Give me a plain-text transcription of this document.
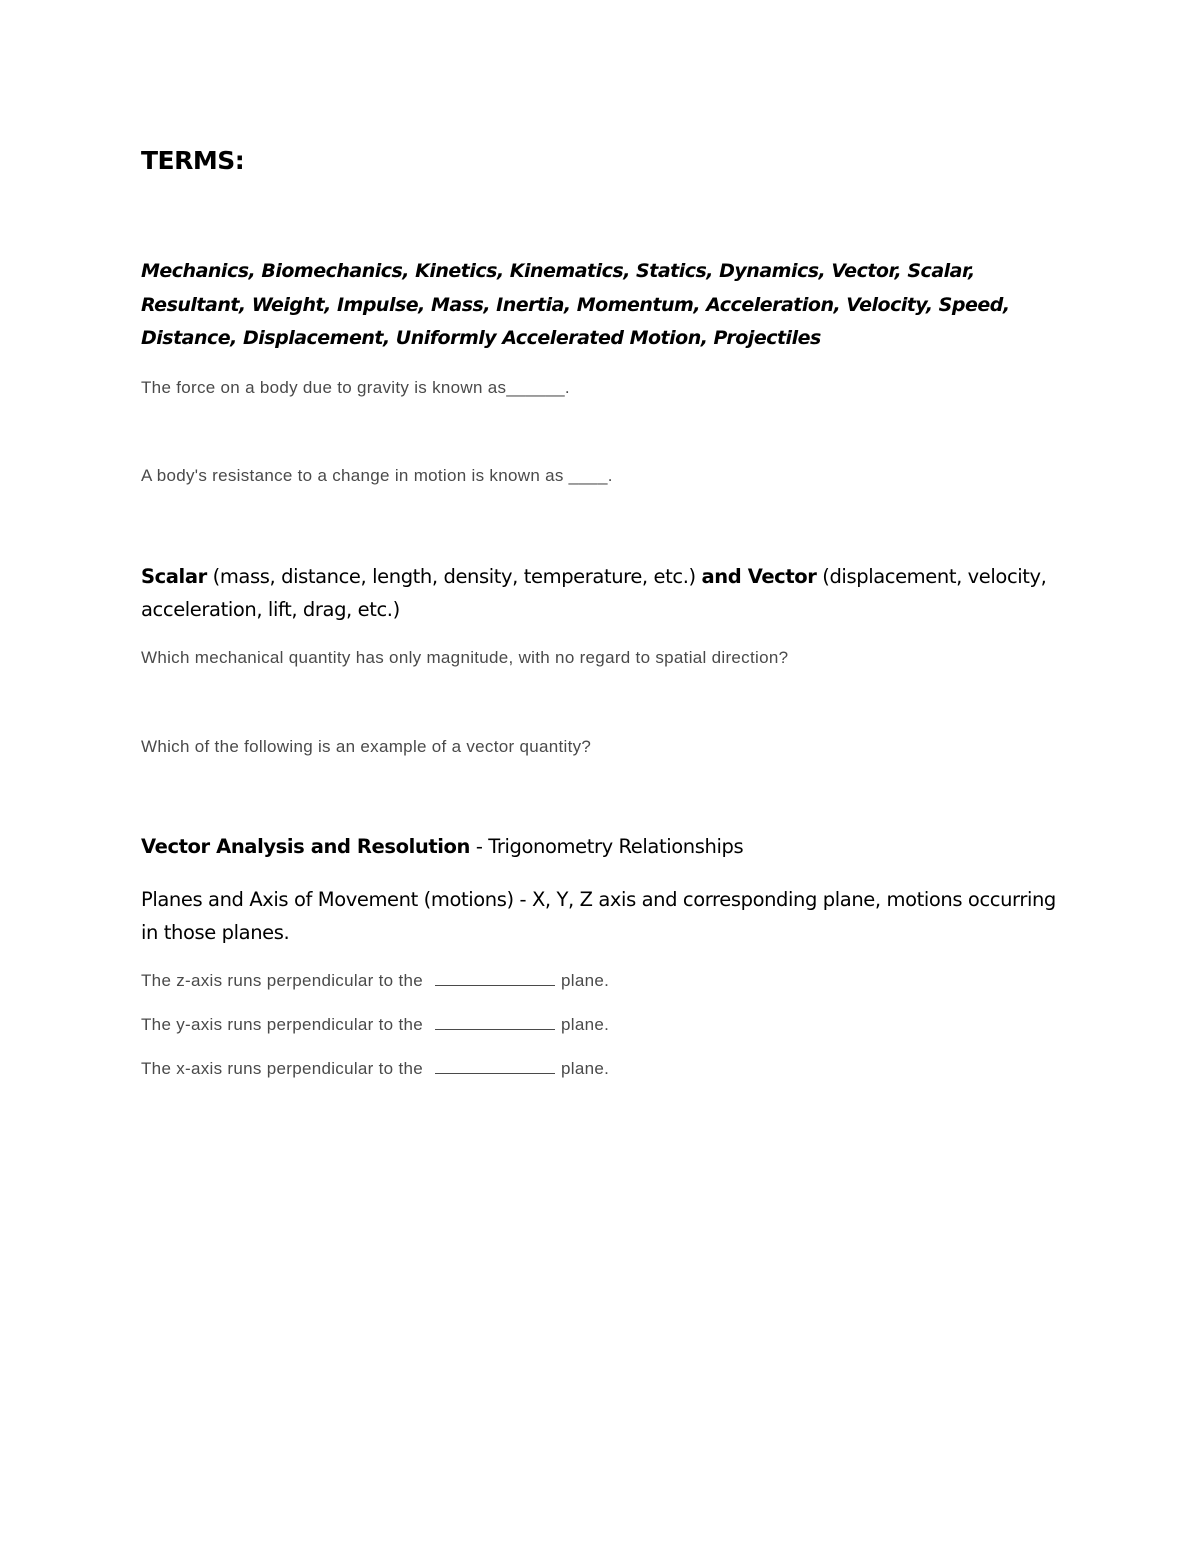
TERMS:

Mechanics, Biomechanics, Kinetics, Kinematics, Statics, Dynamics, Vector, Scalar, Resultant, Weight, Impulse, Mass, Inertia, Momentum, Acceleration, Velocity, Speed, Distance, Displacement, Uniformly Accelerated Motion, Projectiles

The force on a body due to gravity is known as______.

A body's resistance to a change in motion is known as ____.

Scalar (mass, distance, length, density, temperature, etc.) and Vector (displacement, velocity, acceleration, lift, drag, etc.)

Which mechanical quantity has only magnitude, with no regard to spatial direction?

Which of the following is an example of a vector quantity?

Vector Analysis and Resolution - Trigonometry Relationships

Planes and Axis of Movement (motions) - X, Y, Z axis and corresponding plane, motions occurring in those planes.

The z-axis runs perpendicular to the	plane.

The y-axis runs perpendicular to the	plane.

The x-axis runs perpendicular to the	plane.
